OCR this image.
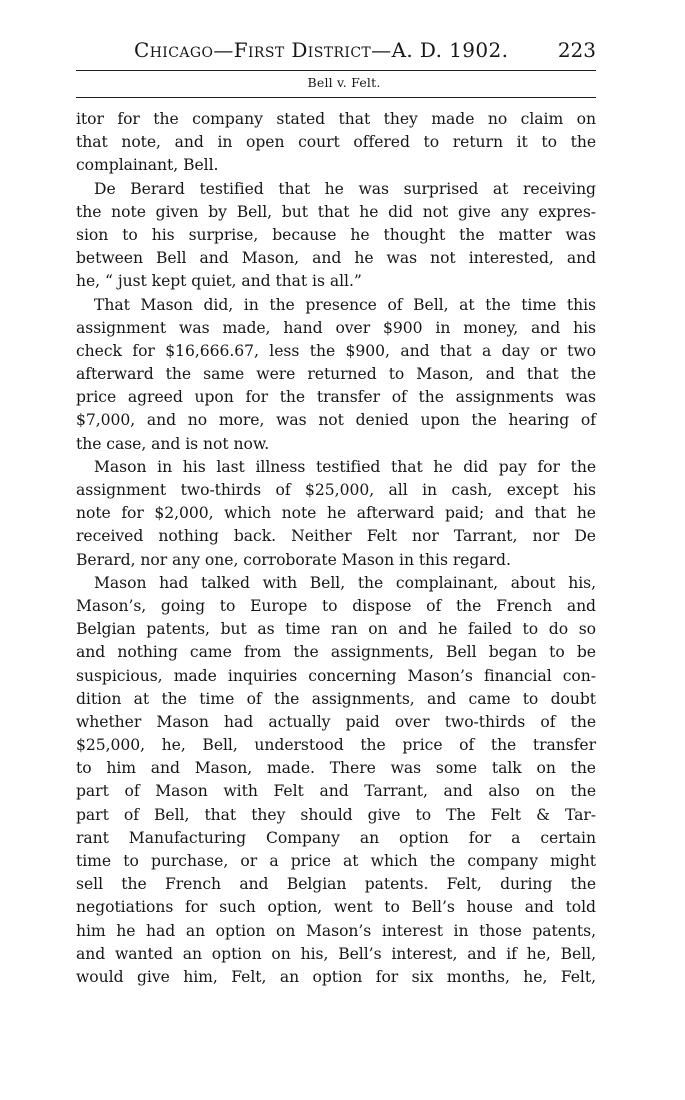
Chicago—First District—A. D. 1902. 223
Bell v. Felt.
itor for the company stated that they made no claim on
that note, and in open court offered to return it to the
complainant, Bell.
De Berard testified that he was surprised at receiving
the note given by Bell, but that he did not give any expres-
sion to his surprise, because he thought the matter was
between Bell and Mason, and he was not interested, and
he, “ just kept quiet, and that is all.”
That Mason did, in the presence of Bell, at the time this
assignment was made, hand over $900 in money, and his
check for $16,666.67, less the $900, and that a day or two
afterward the same were returned to Mason, and that the
price agreed upon for the transfer of the assignments was
$7,000, and no more, was not denied upon the hearing of
the case, and is not now.
Mason in his last illness testified that he did pay for the
assignment two-thirds of $25,000, all in cash, except his
note for $2,000, which note he afterward paid; and that he
received nothing back. Neither Felt nor Tarrant, nor De
Berard, nor any one, corroborate Mason in this regard.
Mason had talked with Bell, the complainant, about his,
Mason’s, going to Europe to dispose of the French and
Belgian patents, but as time ran on and he failed to do so
and nothing came from the assignments, Bell began to be
suspicious, made inquiries concerning Mason’s financial con-
dition at the time of the assignments, and came to doubt
whether Mason had actually paid over two-thirds of the
$25,000, he, Bell, understood the price of the transfer
to him and Mason, made. There was some talk on the
part of Mason with Felt and Tarrant, and also on the
part of Bell, that they should give to The Felt & Tar-
rant Manufacturing Company an option for a certain
time to purchase, or a price at which the company might
sell the French and Belgian patents. Felt, during the
negotiations for such option, went to Bell’s house and told
him he had an option on Mason’s interest in those patents,
and wanted an option on his, Bell’s interest, and if he, Bell,
would give him, Felt, an option for six months, he, Felt,
